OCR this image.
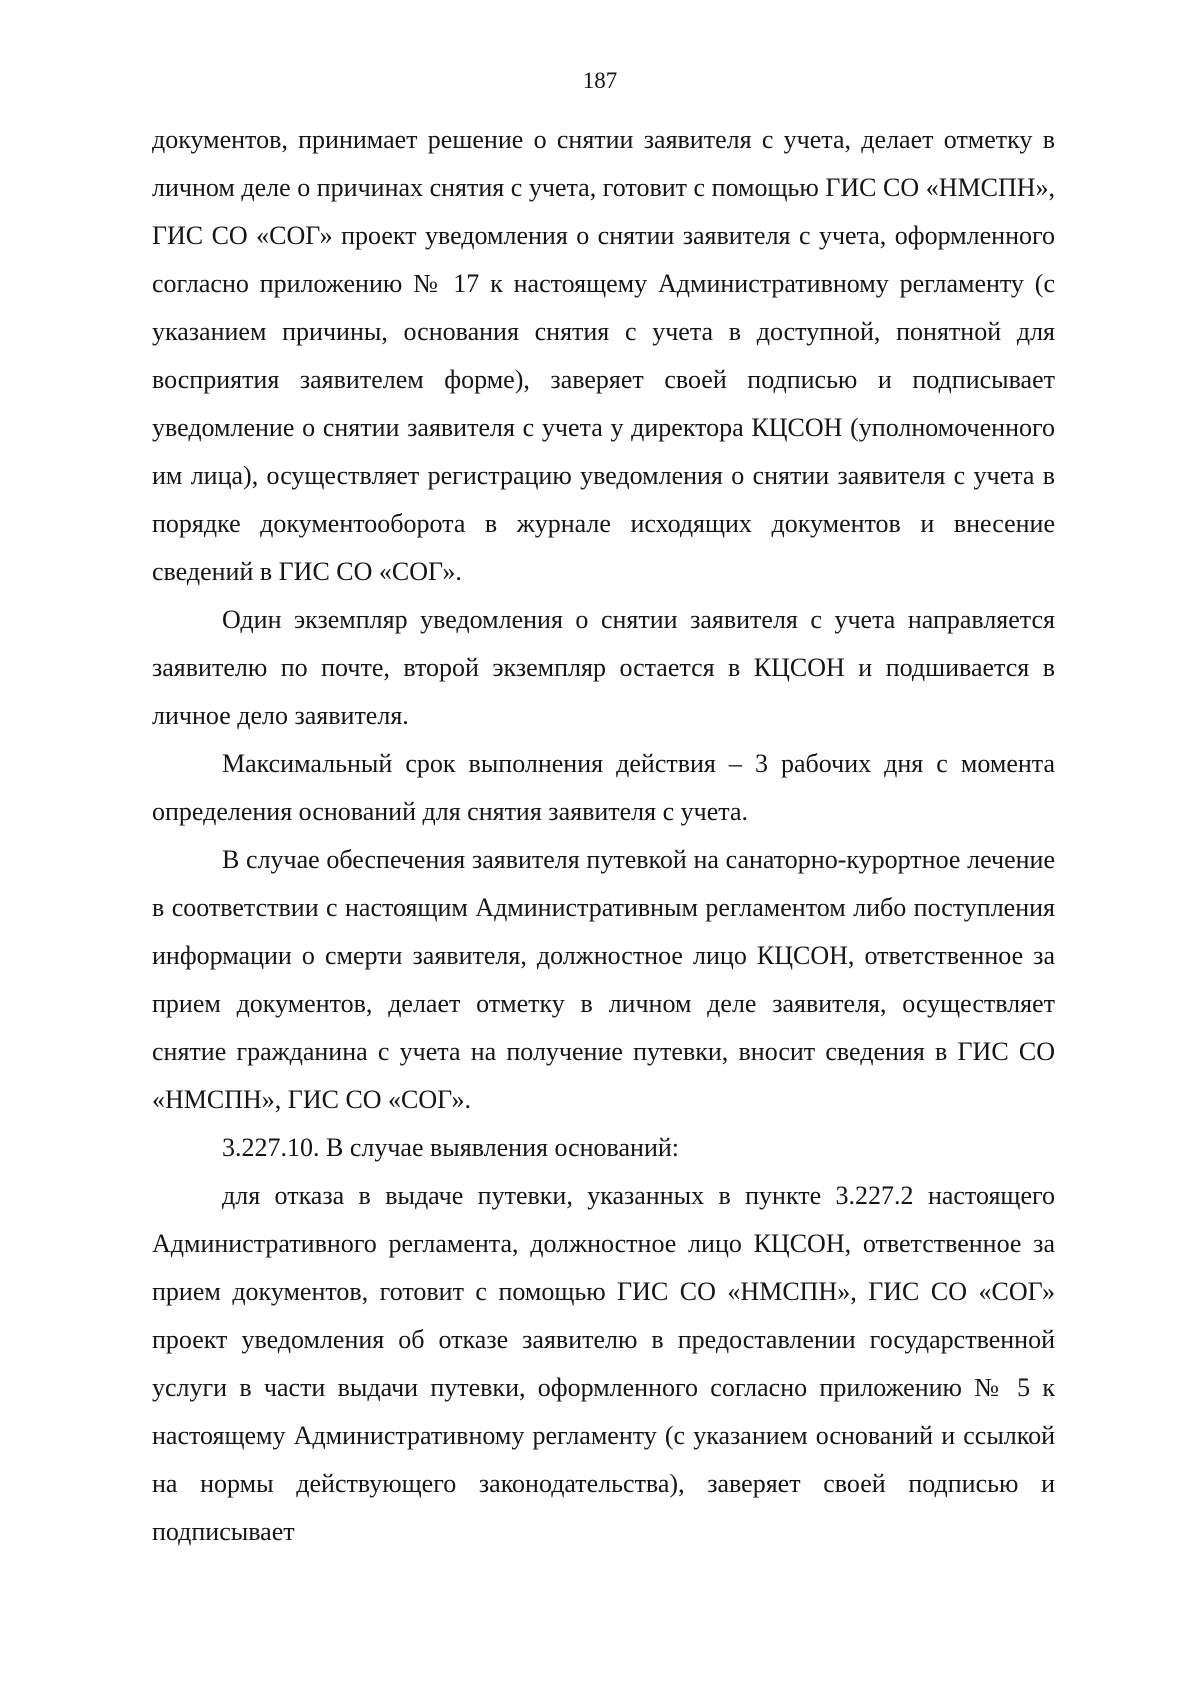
187

документов, принимает решение о снятии заявителя с учета, делает отметку в личном деле о причинах снятия с учета, готовит с помощью ГИС СО «НМСПН», ГИС СО «СОГ» проект уведомления о снятии заявителя с учета, оформленного согласно приложению № 17 к настоящему Административному регламенту (с указанием причины, основания снятия с учета в доступной, понятной для восприятия заявителем форме), заверяет своей подписью и подписывает уведомление о снятии заявителя с учета у директора КЦСОН (уполномоченного им лица), осуществляет регистрацию уведомления о снятии заявителя с учета в порядке документооборота в журнале исходящих документов и внесение сведений в ГИС СО «СОГ».

Один экземпляр уведомления о снятии заявителя с учета направляется заявителю по почте, второй экземпляр остается в КЦСОН и подшивается в личное дело заявителя.

Максимальный срок выполнения действия – 3 рабочих дня с момента определения оснований для снятия заявителя с учета.

В случае обеспечения заявителя путевкой на санаторно-курортное лечение в соответствии с настоящим Административным регламентом либо поступления информации о смерти заявителя, должностное лицо КЦСОН, ответственное за прием документов, делает отметку в личном деле заявителя, осуществляет снятие гражданина с учета на получение путевки, вносит сведения в ГИС СО «НМСПН», ГИС СО «СОГ».

3.227.10. В случае выявления оснований:

для отказа в выдаче путевки, указанных в пункте 3.227.2 настоящего Административного регламента, должностное лицо КЦСОН, ответственное за прием документов, готовит с помощью ГИС СО «НМСПН», ГИС СО «СОГ» проект уведомления об отказе заявителю в предоставлении государственной услуги в части выдачи путевки, оформленного согласно приложению № 5 к настоящему Административному регламенту (с указанием оснований и ссылкой на нормы действующего законодательства), заверяет своей подписью и подписывает
